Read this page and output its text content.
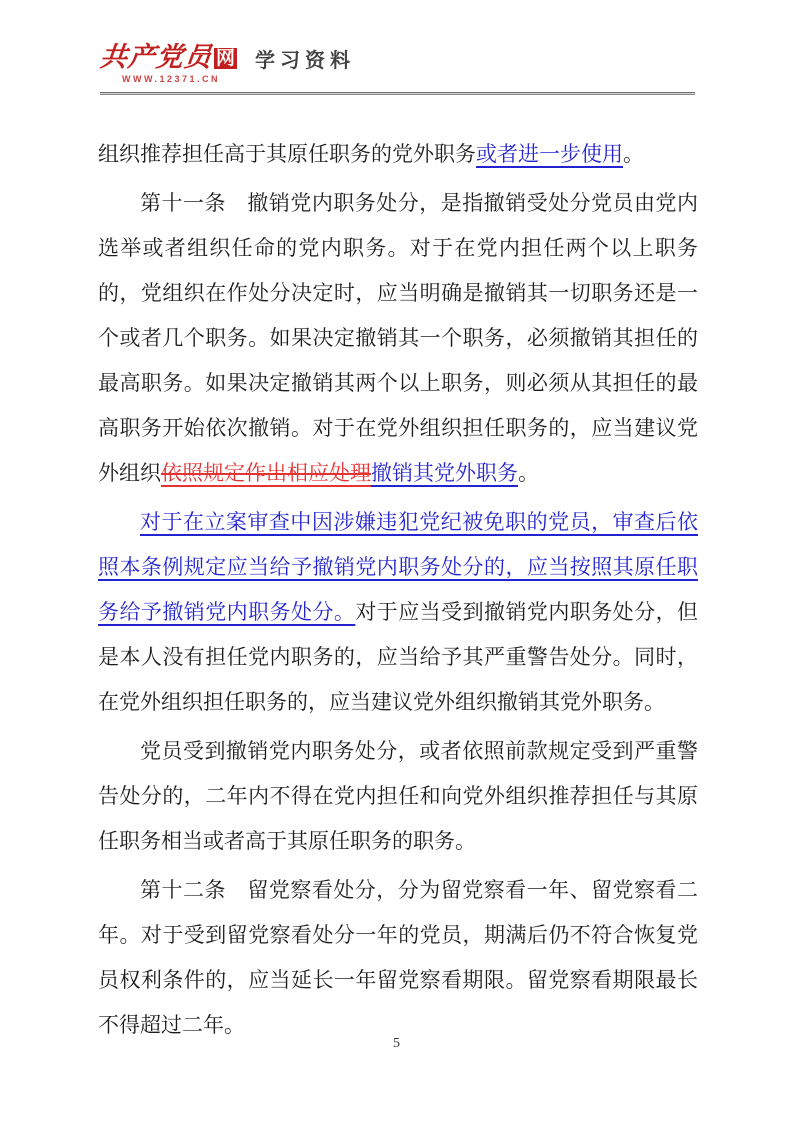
共产党员 网
WWW.12371.CN
学习资料

组织推荐担任高于其原任职务的党外职务或者进一步使用。

第十一条　撤销党内职务处分，是指撤销受处分党员由党内选举或者组织任命的党内职务。对于在党内担任两个以上职务的，党组织在作处分决定时，应当明确是撤销其一切职务还是一个或者几个职务。如果决定撤销其一个职务，必须撤销其担任的最高职务。如果决定撤销其两个以上职务，则必须从其担任的最高职务开始依次撤销。对于在党外组织担任职务的，应当建议党外组织依照规定作出相应处理撤销其党外职务。

对于在立案审查中因涉嫌违犯党纪被免职的党员，审查后依照本条例规定应当给予撤销党内职务处分的，应当按照其原任职务给予撤销党内职务处分。对于应当受到撤销党内职务处分，但是本人没有担任党内职务的，应当给予其严重警告处分。同时，在党外组织担任职务的，应当建议党外组织撤销其党外职务。

党员受到撤销党内职务处分，或者依照前款规定受到严重警告处分的，二年内不得在党内担任和向党外组织推荐担任与其原任职务相当或者高于其原任职务的职务。

第十二条　留党察看处分，分为留党察看一年、留党察看二年。对于受到留党察看处分一年的党员，期满后仍不符合恢复党员权利条件的，应当延长一年留党察看期限。留党察看期限最长不得超过二年。

5
